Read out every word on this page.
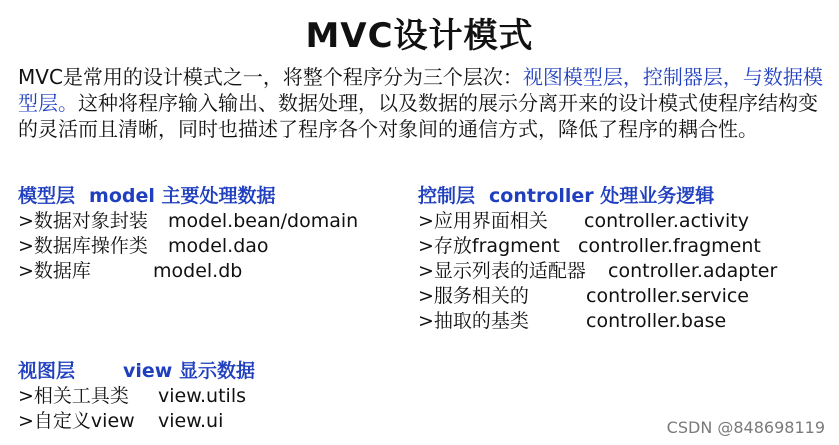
MVC设计模式
MVC是常用的设计模式之一，将整个程序分为三个层次：视图模型层，控制器层，与数据模型层。这种将程序输入输出、数据处理，以及数据的展示分离开来的设计模式使程序结构变的灵活而且清晰，同时也描述了程序各个对象间的通信方式，降低了程序的耦合性。
模型层 model 主要处理数据
>数据对象封装	model.bean/domain
>数据库操作类	model.dao
>数据库	model.db
控制层 controller 处理业务逻辑
>应用界面相关	controller.activity
>存放fragment controller.fragment
>显示列表的适配器	controller.adapter
>服务相关的	controller.service
>抽取的基类	controller.base
视图层	view 显示数据
>相关工具类	view.utils
>自定义view	view.ui	CSDN @848698119
